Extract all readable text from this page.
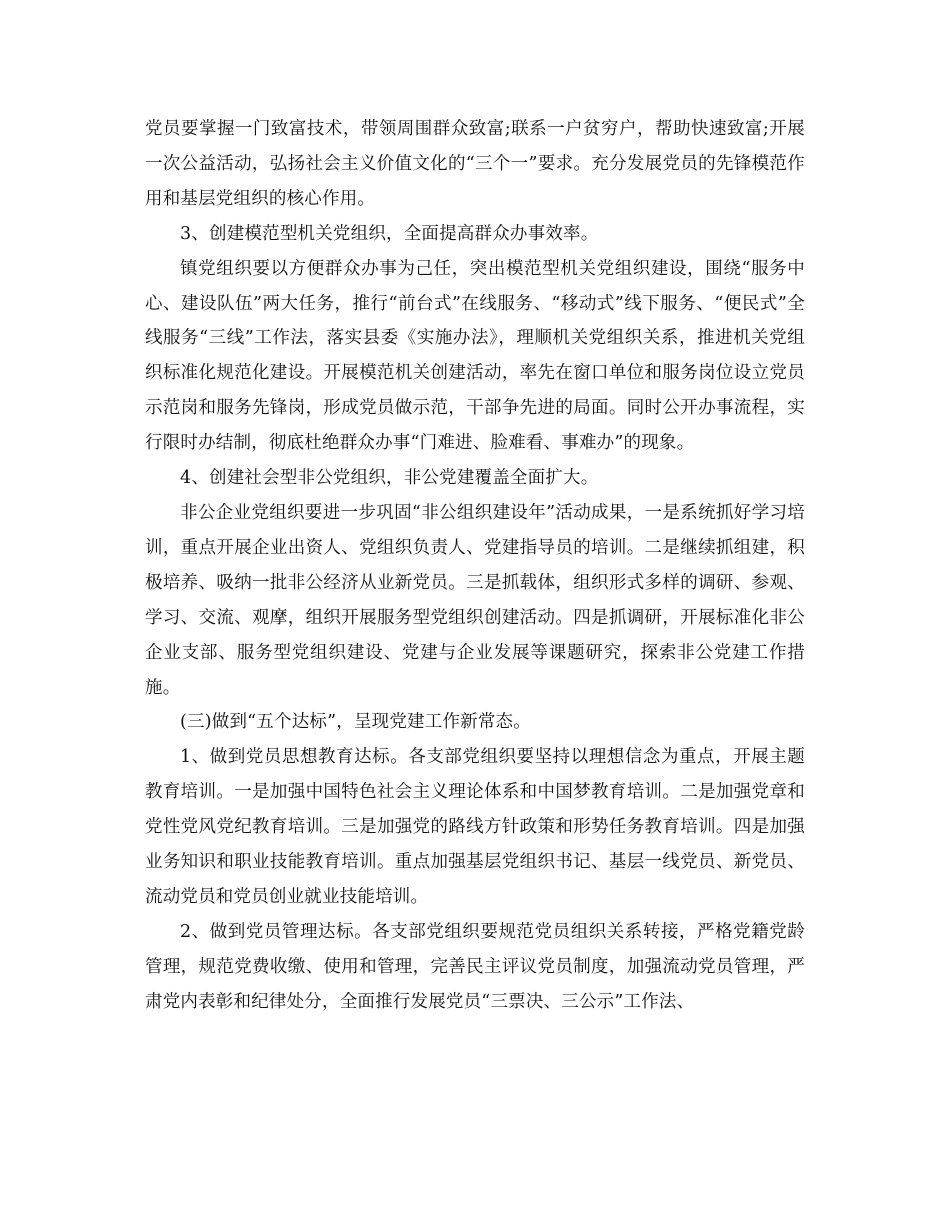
党员要掌握一门致富技术，带领周围群众致富;联系一户贫穷户，帮助快速致富;开展一次公益活动，弘扬社会主义价值文化的“三个一”要求。充分发展党员的先锋模范作用和基层党组织的核心作用。

3、创建模范型机关党组织，全面提高群众办事效率。

镇党组织要以方便群众办事为己任，突出模范型机关党组织建设，围绕“服务中心、建设队伍”两大任务，推行“前台式”在线服务、“移动式”线下服务、“便民式”全线服务“三线”工作法，落实县委《实施办法》，理顺机关党组织关系，推进机关党组织标准化规范化建设。开展模范机关创建活动，率先在窗口单位和服务岗位设立党员示范岗和服务先锋岗，形成党员做示范，干部争先进的局面。同时公开办事流程，实行限时办结制，彻底杜绝群众办事“门难进、脸难看、事难办”的现象。

4、创建社会型非公党组织，非公党建覆盖全面扩大。

非公企业党组织要进一步巩固“非公组织建设年”活动成果，一是系统抓好学习培训，重点开展企业出资人、党组织负责人、党建指导员的培训。二是继续抓组建，积极培养、吸纳一批非公经济从业新党员。三是抓载体，组织形式多样的调研、参观、学习、交流、观摩，组织开展服务型党组织创建活动。四是抓调研，开展标准化非公企业支部、服务型党组织建设、党建与企业发展等课题研究，探索非公党建工作措施。

(三)做到“五个达标”，呈现党建工作新常态。

1、做到党员思想教育达标。各支部党组织要坚持以理想信念为重点，开展主题教育培训。一是加强中国特色社会主义理论体系和中国梦教育培训。二是加强党章和党性党风党纪教育培训。三是加强党的路线方针政策和形势任务教育培训。四是加强业务知识和职业技能教育培训。重点加强基层党组织书记、基层一线党员、新党员、流动党员和党员创业就业技能培训。

2、做到党员管理达标。各支部党组织要规范党员组织关系转接，严格党籍党龄管理，规范党费收缴、使用和管理，完善民主评议党员制度，加强流动党员管理，严肃党内表彰和纪律处分，全面推行发展党员“三票决、三公示”工作法、
